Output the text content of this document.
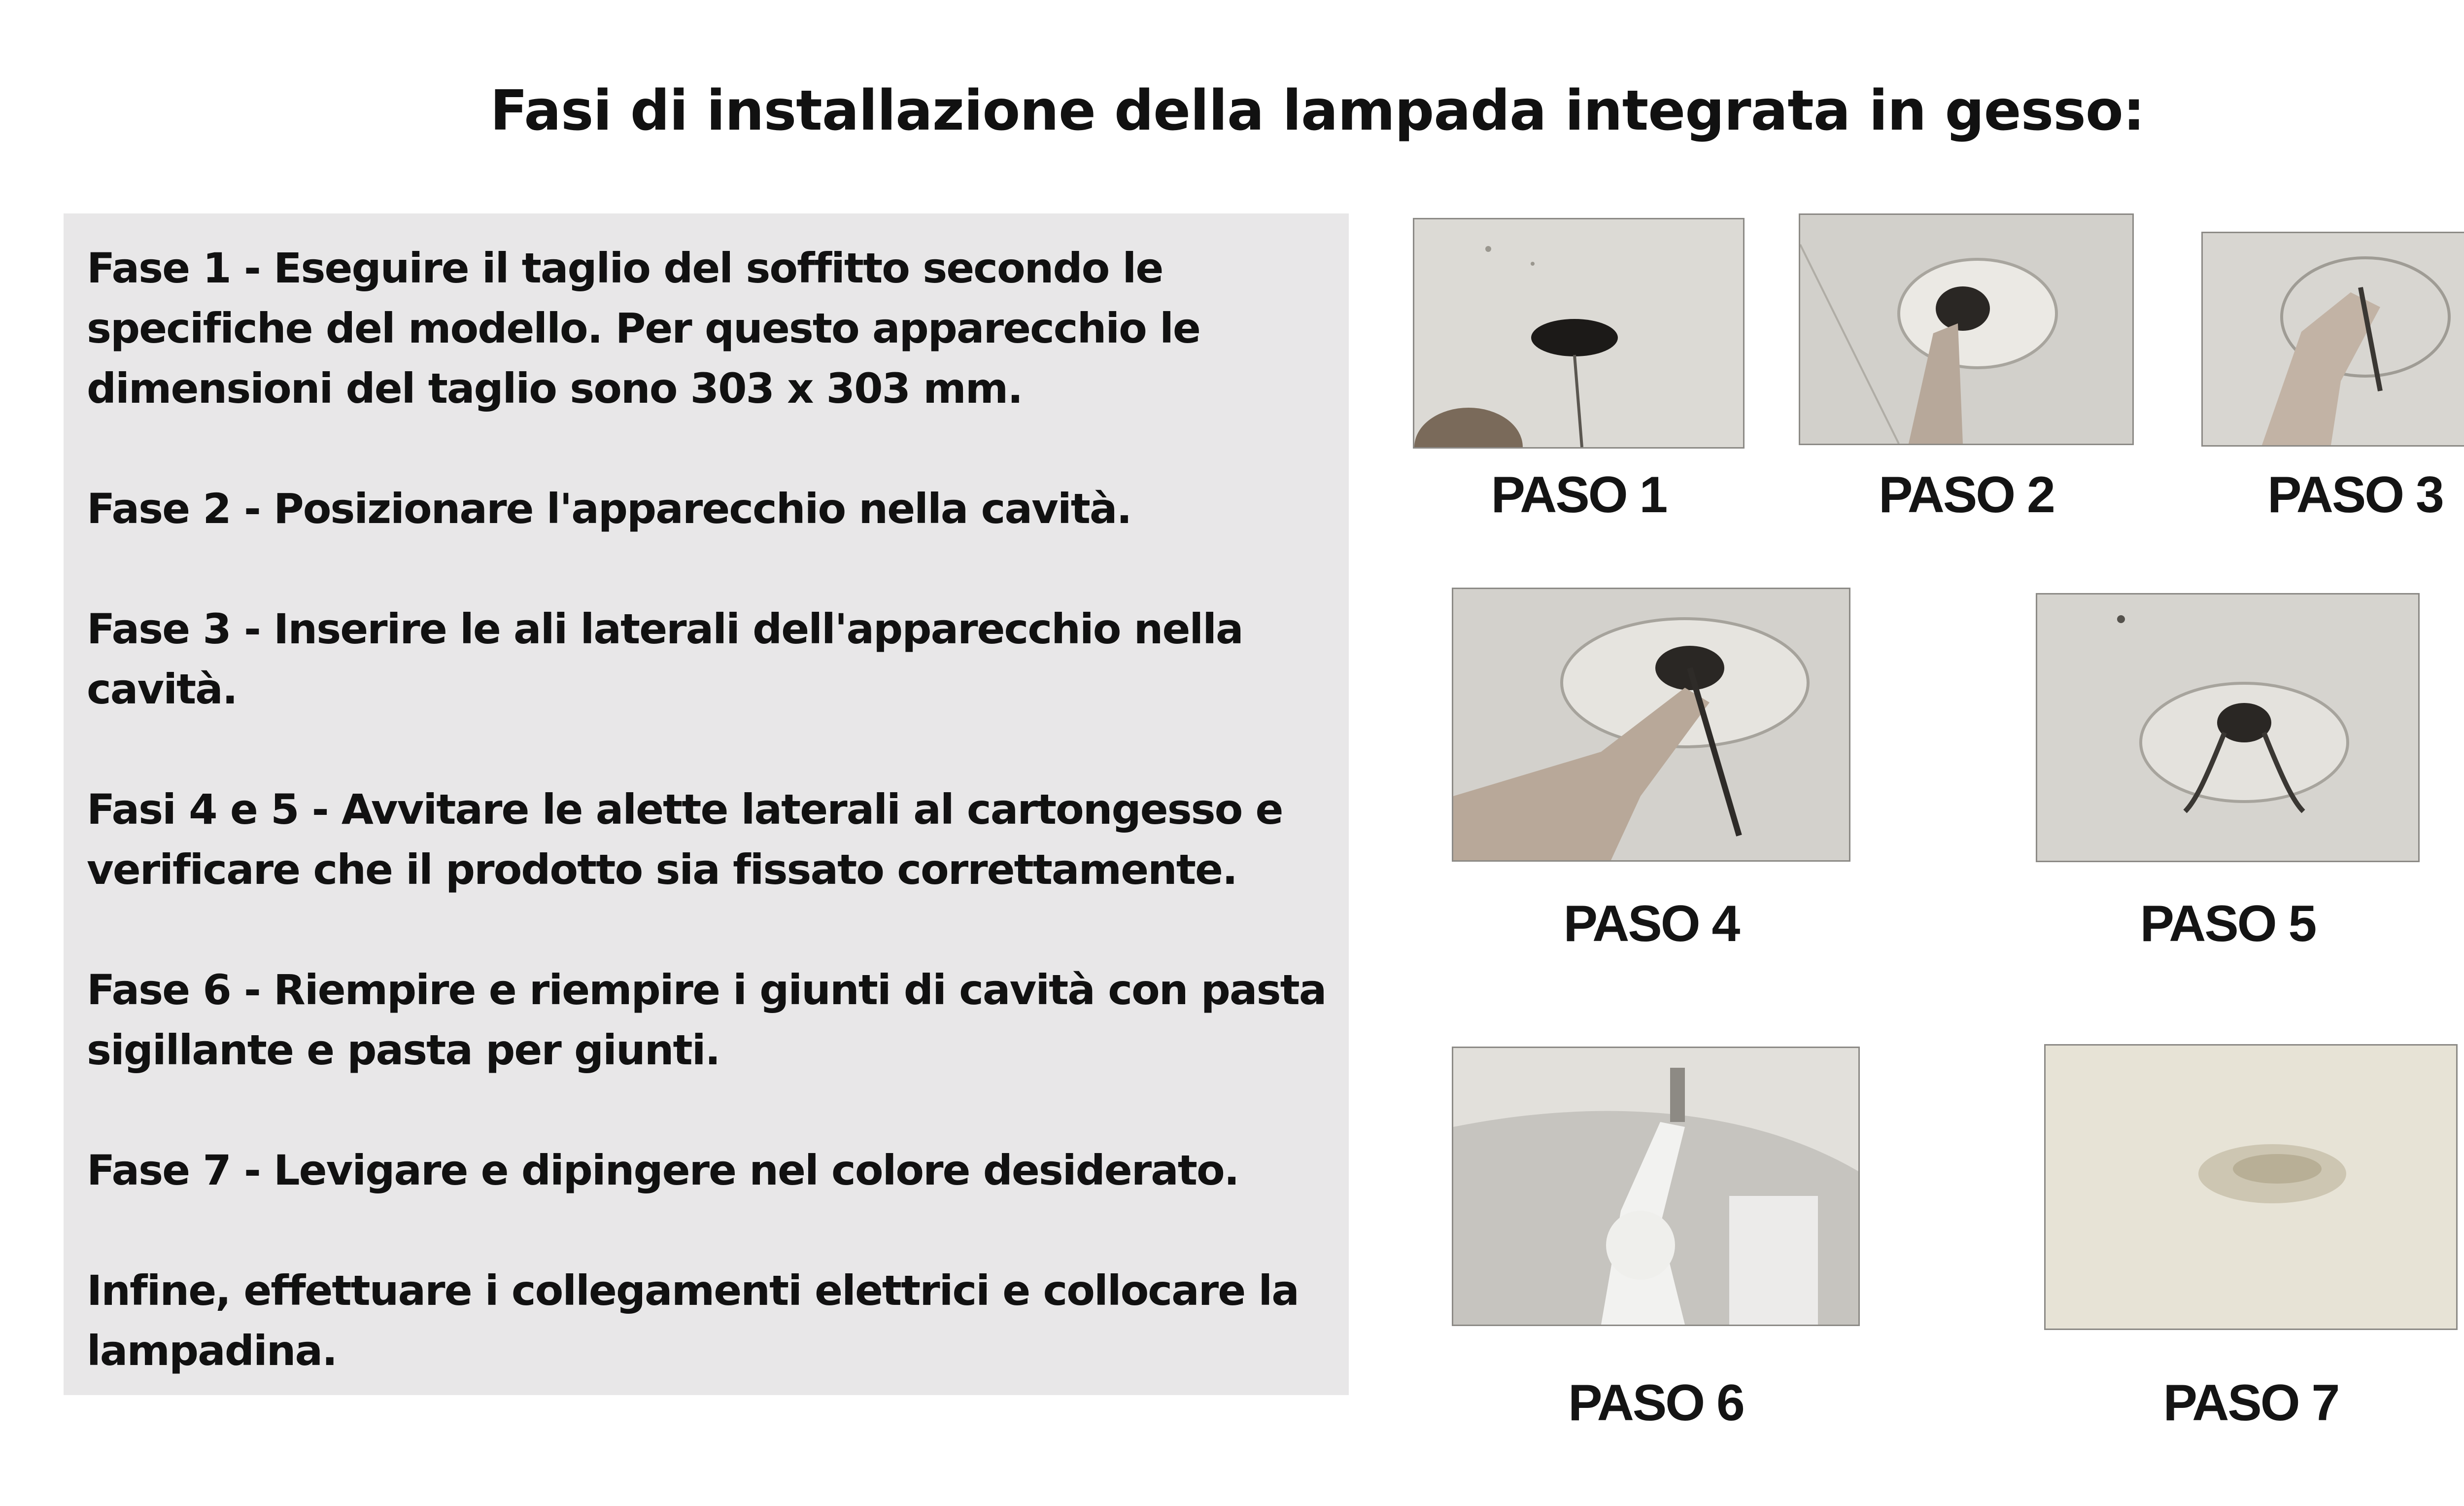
Fasi di installazione della lampada integrata in gesso:

Fase 1 - Eseguire il taglio del soffitto secondo le specifiche del modello. Per questo apparecchio le dimensioni del taglio sono 303 x 303 mm.

Fase 2 - Posizionare l'apparecchio nella cavità.

Fase 3 - Inserire le ali laterali dell'apparecchio nella cavità.

Fasi 4 e 5 - Avvitare le alette laterali al cartongesso e verificare che il prodotto sia fissato correttamente.

Fase 6 - Riempire e riempire i giunti di cavità con pasta sigillante e pasta per giunti.

Fase 7 - Levigare e dipingere nel colore desiderato.

Infine, effettuare i collegamenti elettrici e collocare la lampadina.

PASO 1	PASO 2	PASO 3
PASO 4	PASO 5
PASO 6	PASO 7
